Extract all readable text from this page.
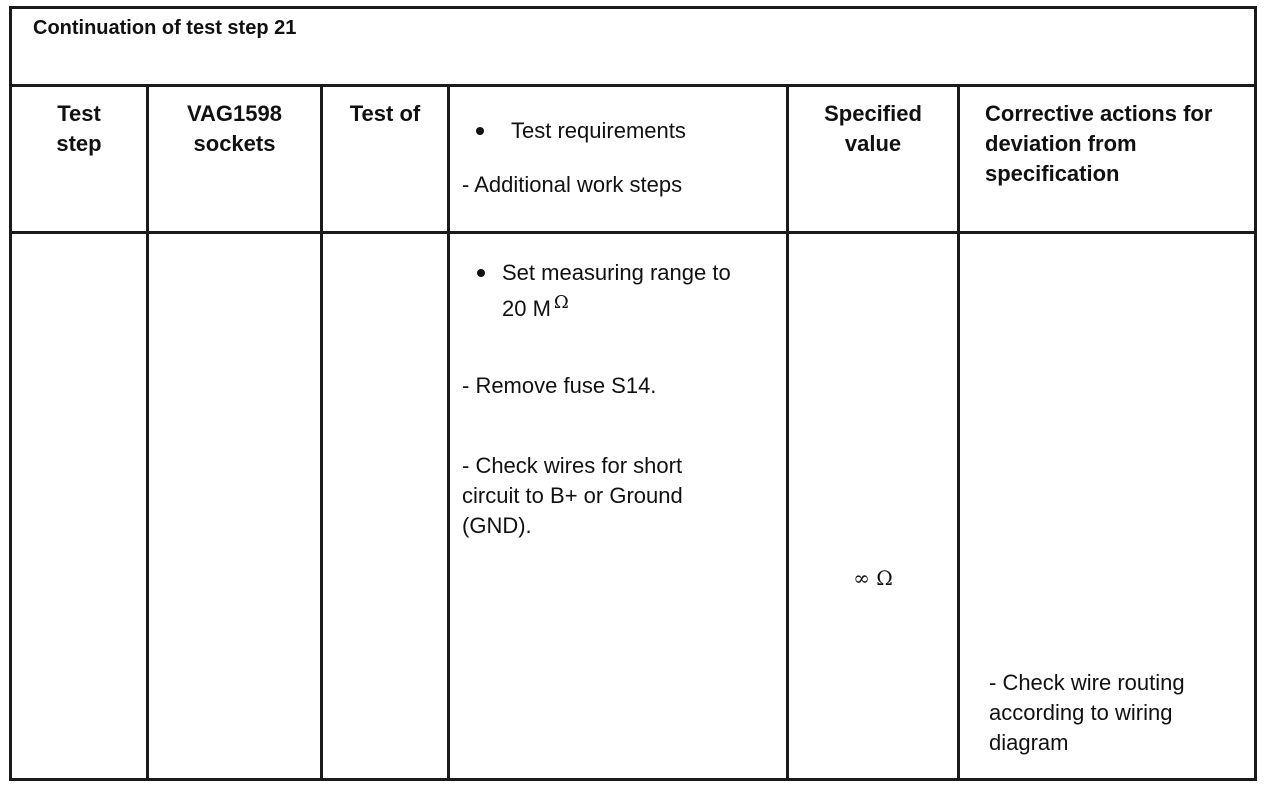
Continuation of test step 21
Test
step
VAG1598
sockets
Test of
Test requirements
- Additional work steps
Specified
value
Corrective actions for
deviation from
specification
Set measuring range to
20 M $^\Omega$
- Remove fuse S14.
- Check wires for short
circuit to B+ or Ground
(GND).
∞ Ω
- Check wire routing
according to wiring
diagram
